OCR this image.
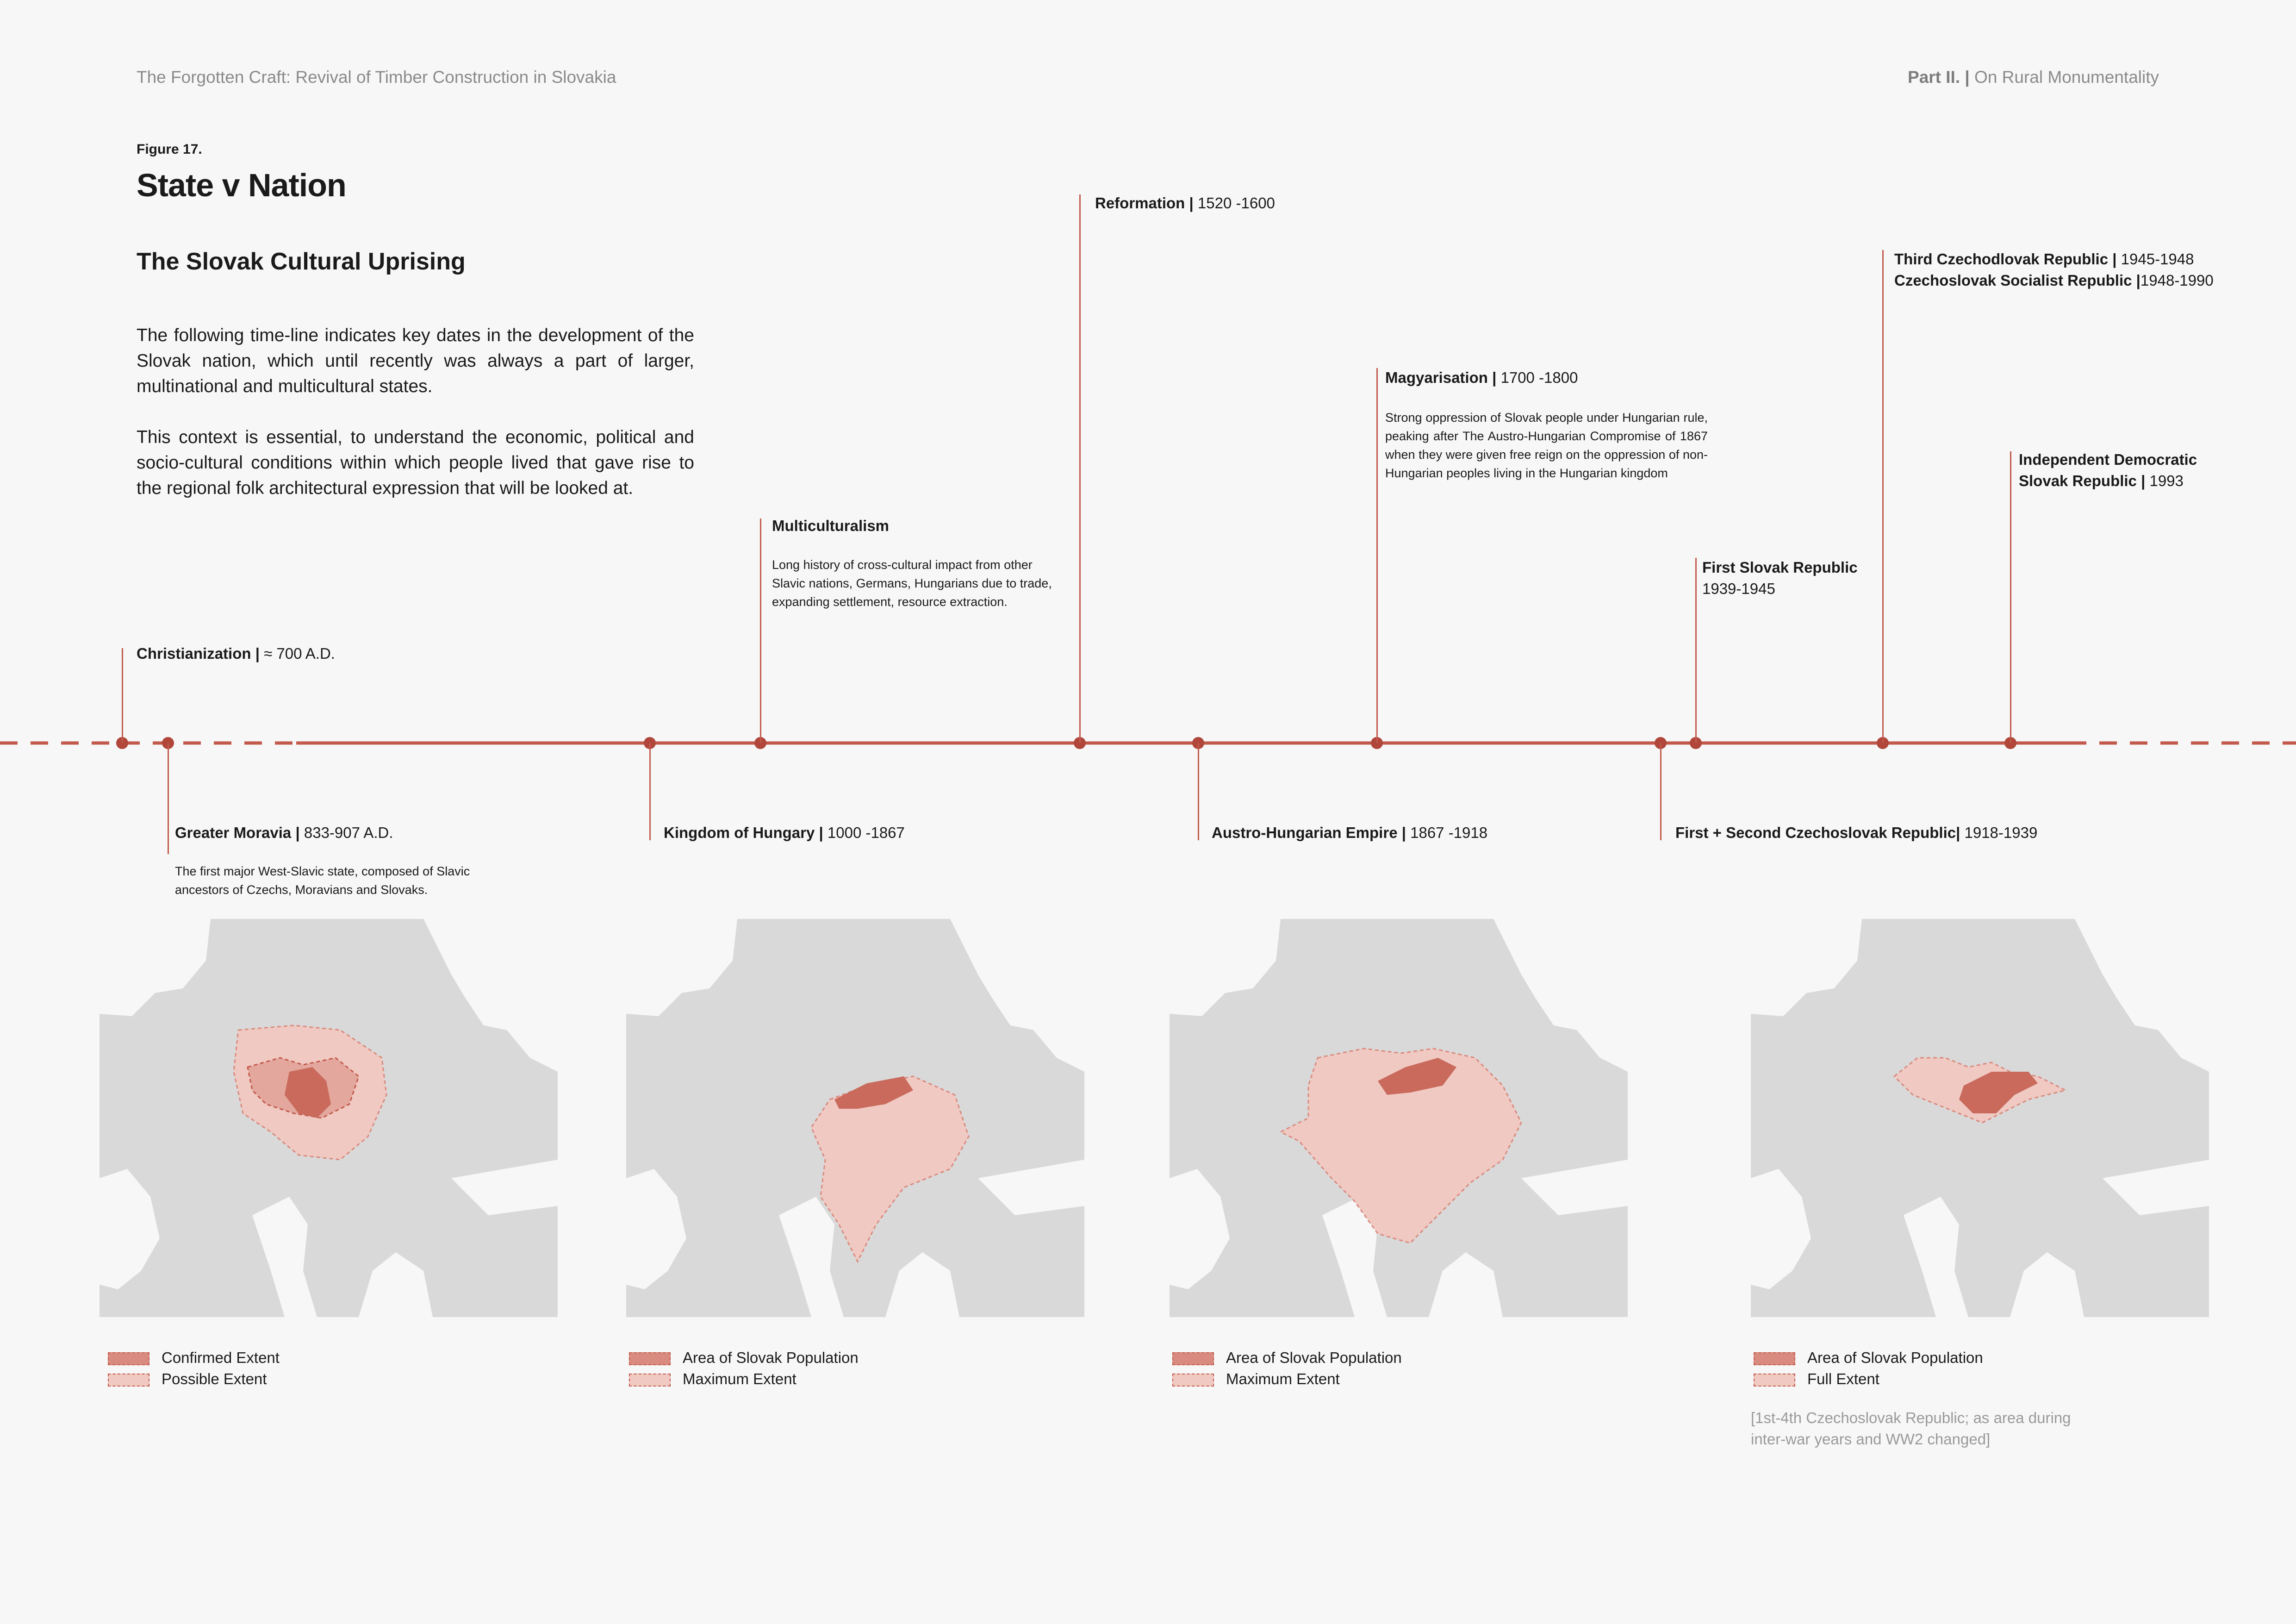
The Forgotten Craft: Revival of Timber Construction in Slovakia	Part II. | On Rural Monumentality
Figure 17.
State v Nation
The Slovak Cultural Uprising
The following time-line indicates key dates in the development of the Slovak nation, which until recently was always a part of larger, multinational and multicultural states.
This context is essential, to understand the economic, political and socio-cultural conditions within which people lived that gave rise to the regional folk architectural expression that will be looked at.
Christianization | ≈ 700 A.D.
Multiculturalism
Long history of cross-cultural impact from other Slavic nations, Germans, Hungarians due to trade, expanding settlement, resource extraction.
Reformation | 1520 -1600
Magyarisation | 1700 -1800
Strong oppression of Slovak people under Hungarian rule, peaking after The Austro-Hungarian Compromise of 1867 when they were given free reign on the oppression of non-Hungarian peoples living in the Hungarian kingdom
First Slovak Republic
1939-1945
Third Czechodlovak Republic | 1945-1948
Czechoslovak Socialist Republic |1948-1990
Independent Democratic Slovak Republic | 1993
Greater Moravia | 833-907 A.D.
The first major West-Slavic state, composed of Slavic ancestors of Czechs, Moravians and Slovaks.
Kingdom of Hungary | 1000 -1867	Austro-Hungarian Empire | 1867 -1918	First + Second Czechoslovak Republic| 1918-1939
Confirmed Extent
Possible Extent
Area of Slovak Population
Maximum Extent
Area of Slovak Population
Maximum Extent
Area of Slovak Population
Full Extent
[1st-4th Czechoslovak Republic; as area during inter-war years and WW2 changed]
